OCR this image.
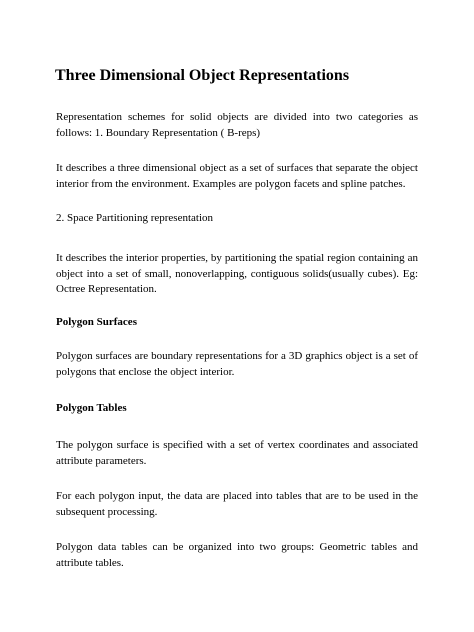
Three Dimensional Object Representations

Representation schemes for solid objects are divided into two categories as follows: 1. Boundary Representation ( B-reps)

It describes a three dimensional object as a set of surfaces that separate the object interior from the environment. Examples are polygon facets and spline patches.

2. Space Partitioning representation

It describes the interior properties, by partitioning the spatial region containing an object into a set of small, nonoverlapping, contiguous solids(usually cubes). Eg: Octree Representation.

Polygon Surfaces

Polygon surfaces are boundary representations for a 3D graphics object is a set of polygons that enclose the object interior.

Polygon Tables

The polygon surface is specified with a set of vertex coordinates and associated attribute parameters.

For each polygon input, the data are placed into tables that are to be used in the subsequent processing.

Polygon data tables can be organized into two groups: Geometric tables and attribute tables.
